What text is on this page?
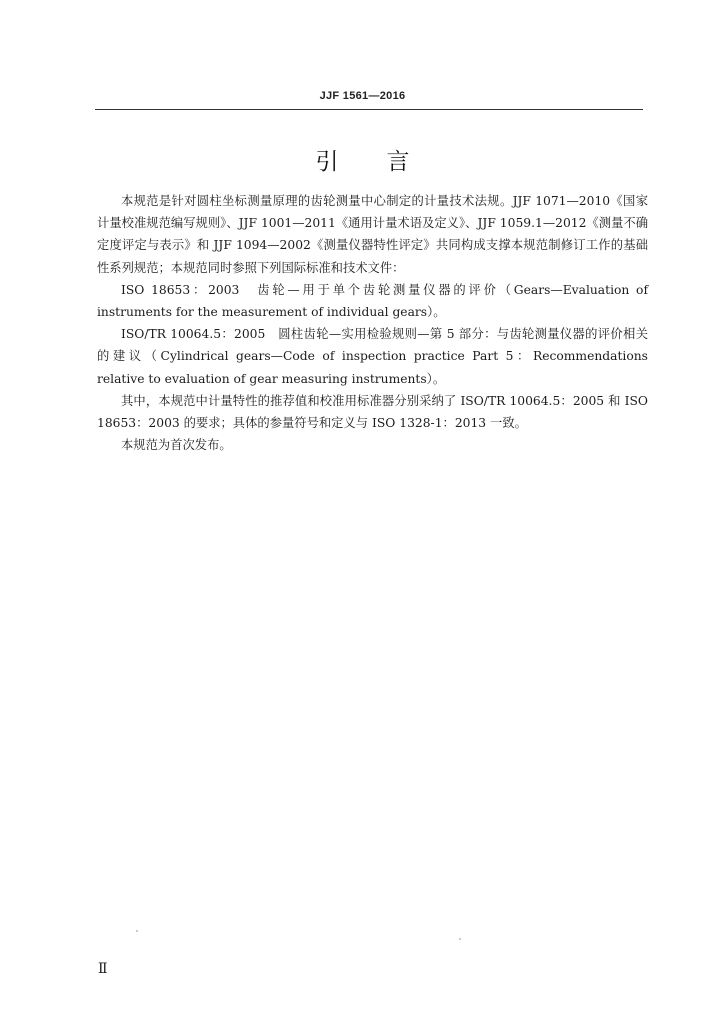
JJF 1561—2016
引言

本规范是针对圆柱坐标测量原理的齿轮测量中心制定的计量技术法规。JJF 1071—2010《国家计量校准规范编写规则》、JJF 1001—2011《通用计量术语及定义》、JJF 1059.1—2012《测量不确定度评定与表示》和 JJF 1094—2002《测量仪器特性评定》共同构成支撑本规范制修订工作的基础性系列规范；本规范同时参照下列国际标准和技术文件：

ISO 18653：2003　齿轮—用于单个齿轮测量仪器的评价（Gears—Evaluation of instruments for the measurement of individual gears）。

ISO/TR 10064.5：2005　圆柱齿轮—实用检验规则—第 5 部分：与齿轮测量仪器的评价相关的建议（Cylindrical gears—Code of inspection practice Part 5：Recommendations relative to evaluation of gear measuring instruments）。

其中，本规范中计量特性的推荐值和校准用标准器分别采纳了 ISO/TR 10064.5：2005 和 ISO 18653：2003 的要求；具体的参量符号和定义与 ISO 1328-1：2013 一致。

本规范为首次发布。

Ⅱ
